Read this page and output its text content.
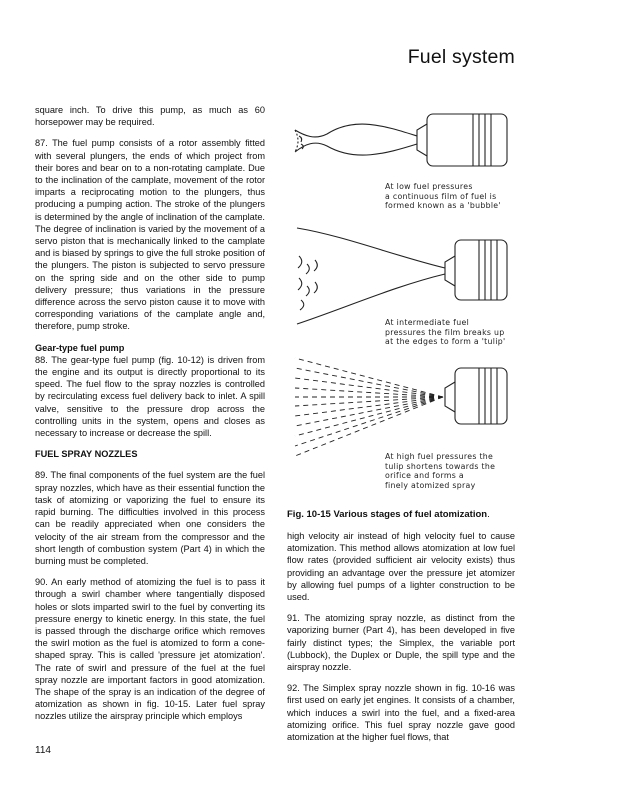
Fuel system

square inch. To drive this pump, as much as 60 horsepower may be required.

87. The fuel pump consists of a rotor assembly fitted with several plungers, the ends of which project from their bores and bear on to a non-rotating camplate. Due to the inclination of the camplate, movement of the rotor imparts a reciprocating motion to the plungers, thus producing a pumping action. The stroke of the plungers is determined by the angle of inclination of the camplate. The degree of inclination is varied by the movement of a servo piston that is mechanically linked to the camplate and is biased by springs to give the full stroke position of the plungers. The piston is subjected to servo pressure on the spring side and on the other side to pump delivery pressure; thus variations in the pressure difference across the servo piston cause it to move with corresponding variations of the camplate angle and, therefore, pump stroke.

Gear-type fuel pump

88. The gear-type fuel pump (fig. 10-12) is driven from the engine and its output is directly proportional to its speed. The fuel flow to the spray nozzles is controlled by recirculating excess fuel delivery back to inlet. A spill valve, sensitive to the pressure drop across the controlling units in the system, opens and closes as necessary to increase or decrease the spill.

FUEL SPRAY NOZZLES

89. The final components of the fuel system are the fuel spray nozzles, which have as their essential function the task of atomizing or vaporizing the fuel to ensure its rapid burning. The difficulties involved in this process can be readily appreciated when one considers the velocity of the air stream from the compressor and the short length of combustion system (Part 4) in which the burning must be completed.

90. An early method of atomizing the fuel is to pass it through a swirl chamber where tangentially disposed holes or slots imparted swirl to the fuel by converting its pressure energy to kinetic energy. In this state, the fuel is passed through the discharge orifice which removes the swirl motion as the fuel is atomized to form a cone-shaped spray. This is called 'pressure jet atomization'. The rate of swirl and pressure of the fuel at the fuel spray nozzle are important factors in good atomization. The shape of the spray is an indication of the degree of atomization as shown in fig. 10-15. Later fuel spray nozzles utilize the airspray principle which employs

At low fuel pressures
a continuous film of fuel is
formed known as a 'bubble'
At intermediate fuel
pressures the film breaks up
at the edges to form a 'tulip'
At high fuel pressures the
tulip shortens towards the
orifice and forms a
finely atomized spray
Fig. 10-15 Various stages of fuel atomization.

high velocity air instead of high velocity fuel to cause atomization. This method allows atomization at low fuel flow rates (provided sufficient air velocity exists) thus providing an advantage over the pressure jet atomizer by allowing fuel pumps of a lighter construction to be used.

91. The atomizing spray nozzle, as distinct from the vaporizing burner (Part 4), has been developed in five fairly distinct types; the Simplex, the variable port (Lubbock), the Duplex or Duple, the spill type and the airspray nozzle.

92. The Simplex spray nozzle shown in fig. 10-16 was first used on early jet engines. It consists of a chamber, which induces a swirl into the fuel, and a fixed-area atomizing orifice. This fuel spray nozzle gave good atomization at the higher fuel flows, that

114
